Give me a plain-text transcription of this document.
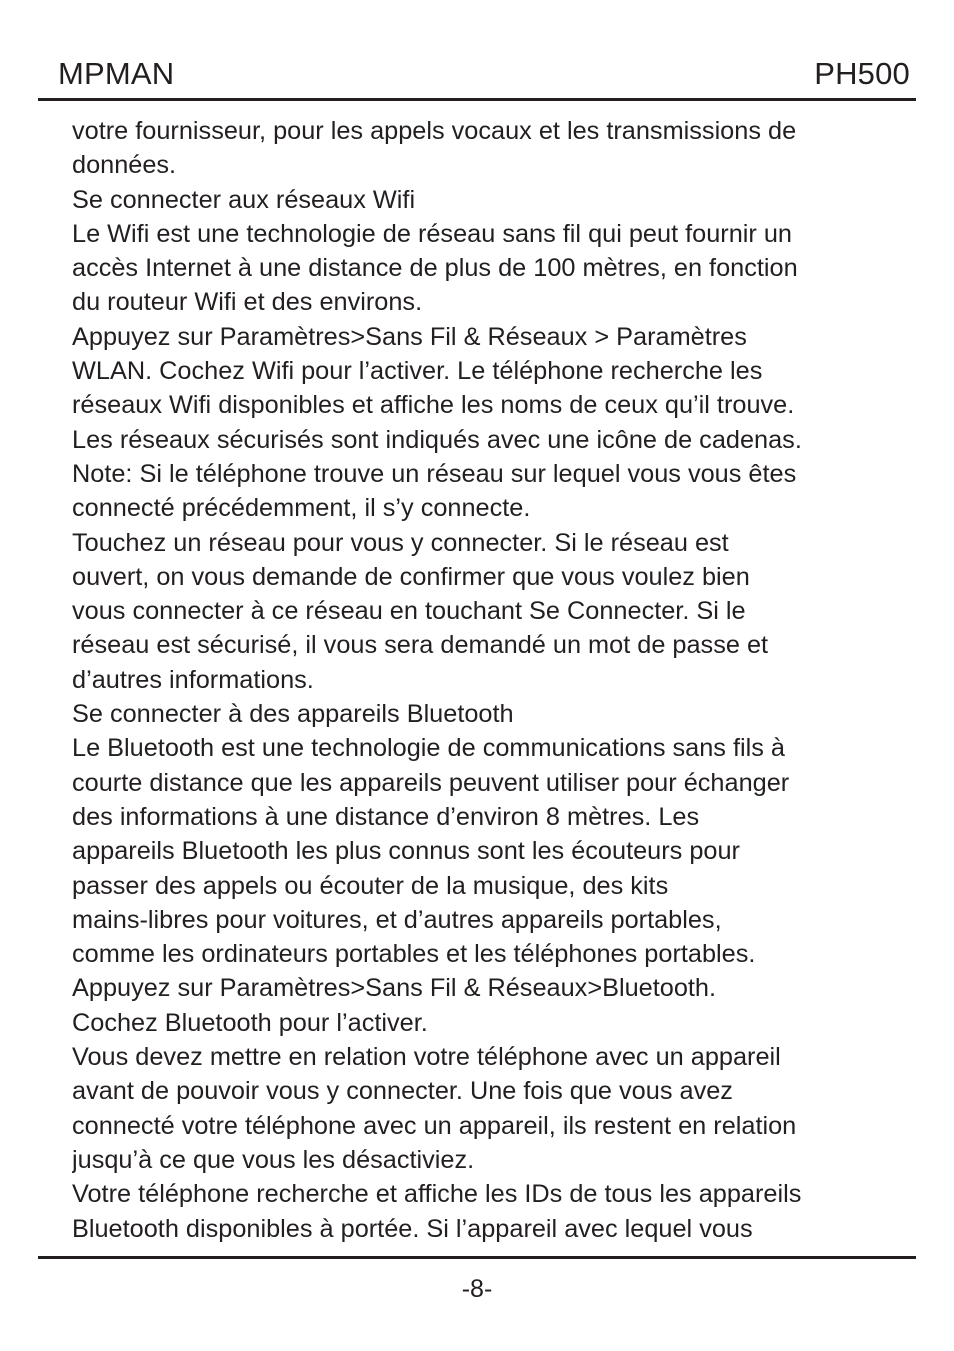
MPMAN	PH500
votre fournisseur, pour les appels vocaux et les transmissions de
données.
Se connecter aux réseaux Wifi
Le Wifi est une technologie de réseau sans fil qui peut fournir un
accès Internet à une distance de plus de 100 mètres, en fonction
du routeur Wifi et des environs.
Appuyez sur Paramètres>Sans Fil & Réseaux > Paramètres
WLAN. Cochez Wifi pour l’activer. Le téléphone recherche les
réseaux Wifi disponibles et affiche les noms de ceux qu’il trouve.
Les réseaux sécurisés sont indiqués avec une icône de cadenas.
Note: Si le téléphone trouve un réseau sur lequel vous vous êtes
connecté précédemment, il s’y connecte.
Touchez un réseau pour vous y connecter. Si le réseau est
ouvert, on vous demande de confirmer que vous voulez bien
vous connecter à ce réseau en touchant Se Connecter. Si le
réseau est sécurisé, il vous sera demandé un mot de passe et
d’autres informations.
Se connecter à des appareils Bluetooth
Le Bluetooth est une technologie de communications sans fils à
courte distance que les appareils peuvent utiliser pour échanger
des informations à une distance d’environ 8 mètres. Les
appareils Bluetooth les plus connus sont les écouteurs pour
passer des appels ou écouter de la musique, des kits
mains-libres pour voitures, et d’autres appareils portables,
comme les ordinateurs portables et les téléphones portables.
Appuyez sur Paramètres>Sans Fil & Réseaux>Bluetooth.
Cochez Bluetooth pour l’activer.
Vous devez mettre en relation votre téléphone avec un appareil
avant de pouvoir vous y connecter. Une fois que vous avez
connecté votre téléphone avec un appareil, ils restent en relation
jusqu’à ce que vous les désactiviez.
Votre téléphone recherche et affiche les IDs de tous les appareils
Bluetooth disponibles à portée. Si l’appareil avec lequel vous
-8-
